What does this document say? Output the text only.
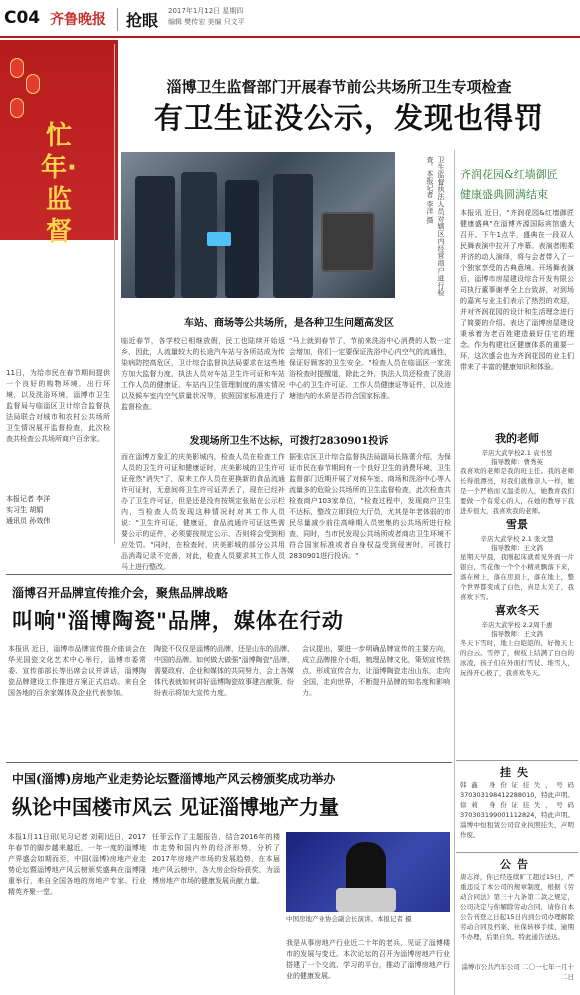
C04 齐鲁晚报	抢眼 2017年1月12日 星期四
编辑 樊传宏 美编 只文平
忙年·监督
11日，为给市民在春节期间提供一个良好的购物环境，出行环境，以及洗浴环境，淄博市卫生监督局与临淄区卫计综合监督执法局联合对城市和农村公共场所卫生情况展开监督检查，此次检查共检查公共场所商户百余家。
本报记者 李洋
实习生 胡娟
通讯员 孙效伟
淄博卫生监督部门开展春节前公共场所卫生专项检查
有卫生证没公示，发现也得罚
卫生监督执法人员对辖区内经营商户进行检查。本报记者 李洋 摄
车站、商场等公共场所，是各种卫生问题高发区
临近春节，各学校已相继放假，民工也陆续开始返乡，因此，人流量较大的长途汽车站与各所站成为传染病防控高危区，卫计综合监督执法局要求在这些地方加大监督力度，执法人员对车站卫生许可证和车站工作人员的健康证、车站内卫生管理制度的落实情况以及候车室内空气质量状况等，依照国家标准进行了监督检查。
"马上就到春节了，节前来洗浴中心消费的人数一定会增加，你们一定要保证洗浴中心内空气的流通性，保证好顾客的卫生安全。"检查人员在临淄区一家洗浴检查时提醒道，除此之外，执法人员还检查了洗浴中心的卫生许可证、工作人员健康证等证件，以及池塘池内的水质是否符合国家标准。
发现场所卫生不达标，可拨打2830901投诉
而在淄博万象汇的庆美影城内，检查人员在检查工作人员的卫生许可证和健康证时，庆美影城的卫生许可证竟然"消失"了，原来工作人员在更换新的食品流通许可证时，无意间将卫生许可证弄丢了，现在已经补办了卫生许可证，但是还是没有按规定张贴在公示栏内，当检查人员发现这种情况时对其工作人员说："卫生许可证，健康证，食品流通许可证这些需要公示的证件，必须要按规定公示，否则将会受到相应处罚。"同时，在检查时，庆美影城的部分公共用品消毒记录不完善，对此，检查人员要求其工作人员马上进行整改。
据张店区卫计综合监督执法局副局长陈蕾介绍，为保证市民在春节期间有一个良好卫生的消费环境，卫生监督部门近期开展了对候车室、商场和洗浴中心等人流量多的危险公共场所的卫生监督检查，此次检查共检查商户103家单位，"检查过程中，发现商户卫生不达标，整改立即到位大厅员，尤其是年老体弱的市民尽量减少前往高峰期人员密集的公共场所进行检查，同时，当市民发现公共场所或者商店卫生环境不符合国家标准或者自身权益受到侵害时，可拨打2830901进行投诉。"
齐润花园&红墙御匠
健康盛典圆满结束
本报讯 近日，"齐润花园&红墙御匠健康盛典"在淄博齐源国际宾馆盛大召开。下午1点半，盛典在一段双人民舞表演中拉开了序幕。表演者刚柔并济的动人演绎，将与会者带入了一个独家享受的古典意境。开场舞表演后，淄博市房屋建设综合开发有限公司执行董事谢孝全上台致辞，对到场的嘉宾与业主们表示了热烈的欢迎，并对齐润花园的设计和生活理念进行了简要的介绍。表达了淄博房屋建设秉承着为老百姓建造最好住宅的理念。作为构建社区健康体系的重要一环，这次盛会也为齐润花园的业主们带来了丰富的健康知识和体验。
我的老师
辛店大武学校2.1 袁书昱
指导教师：曹秀英
我喜欢的老师是我的班主任。我的老师长得很漂亮，对我们就像亲人一样，她是一个严格而又温柔的人，她教育我们要做一个有爱心的人，在她的教导下我进步很大，我喜欢我的老师。
雪景
辛店大武学校 2.1 张文慧
指导教师：王文鸽
星期天早晨，我刚起床就看见外面一片银白，雪花像一个个小精灵飘落下来，落在树上，落在房顶上，落在地上，整个世界都变成了白色，真是太美了，我喜欢下雪。
喜欢冬天
辛店大武学校 2.2周千惠
指导教师：王文鸽
冬天下雪时，地上白皑皑的，好像天上的白云。雪停了，树枝上结满了白白的冰凌，孩子们在外面打雪仗、堆雪人，玩得开心极了，我喜欢冬天。
挂失
韩鑫 身份证挂失，号码370303198412288010，特此声明。徐莉 身份证挂失，号码370303199001112824，特此声明。淄博中恒租赁公司营业执照挂失，声明作废。
公告
唐志祥，你已经连续旷工超过15日，严重违反了本公司的规章制度，根据《劳动合同法》第三十九条第二款之规定，公司决定与你解除劳动合同，请你自本公告刊登之日起15日内到公司办理解除劳动合同及档案、社保转移手续，逾期不办理，后果自负。特此通告送达。
淄博市公共汽车公司 二〇一七年一月十二日
淄博召开品牌宣传推介会，聚焦品牌战略
叫响"淄博陶瓷"品牌，媒体在行动
本报讯 近日，淄博市品牌宣传推介座谈会在华光国瓷文化艺术中心举行，淄博市委常委、宣传部部长等出席会议并讲话，淄博陶瓷品牌建设工作推进方案正式启动。来自全国各地的百余家媒体及企业代表参加。
陶瓷不仅仅是淄博的品牌，还是山东的品牌、中国的品牌。如何做大做强"淄博陶瓷"品牌，需要政府、企业和媒体的共同努力，会上各媒体代表就如何讲好淄博陶瓷故事建言献策，纷纷表示将加大宣传力度。
会议提出，要进一步明确品牌宣传的主要方向，成立品牌推介小组，梳理品牌文化，策划宣传热点，形成宣传合力，让淄博陶瓷走出山东，走向全国，走向世界，不断提升品牌的知名度和影响力。
中国(淄博)房地产业走势论坛暨淄博地产风云榜颁奖成功举办
纵论中国楼市风云 见证淄博地产力量
本报1月11日讯(见习记者 刘莉)近日，2017年春节的脚步越来越近，一年一度的淄博地产界盛会如期而至，中国(淄博)房地产业走势论坛暨淄博地产风云榜颁奖盛典在淄博隆重举行，来自全国各地的房地产专家、行业精英齐聚一堂。
任菲云作了主题报告，结合2016年的楼市走势和国内外的经济形势，分析了2017年房地产市场的发展趋势，在本届地产风云榜中，各大房企纷纷获奖，为淄博房地产市场的健康发展贡献力量。
中国房地产业协会副会长演讲。本报记者 摄
我是从事房地产行业近二十年的老兵，见证了淄博楼市的发展与变迁。本次论坛的召开为淄博房地产行业搭建了一个交流、学习的平台，推动了淄博房地产行业的健康发展。
